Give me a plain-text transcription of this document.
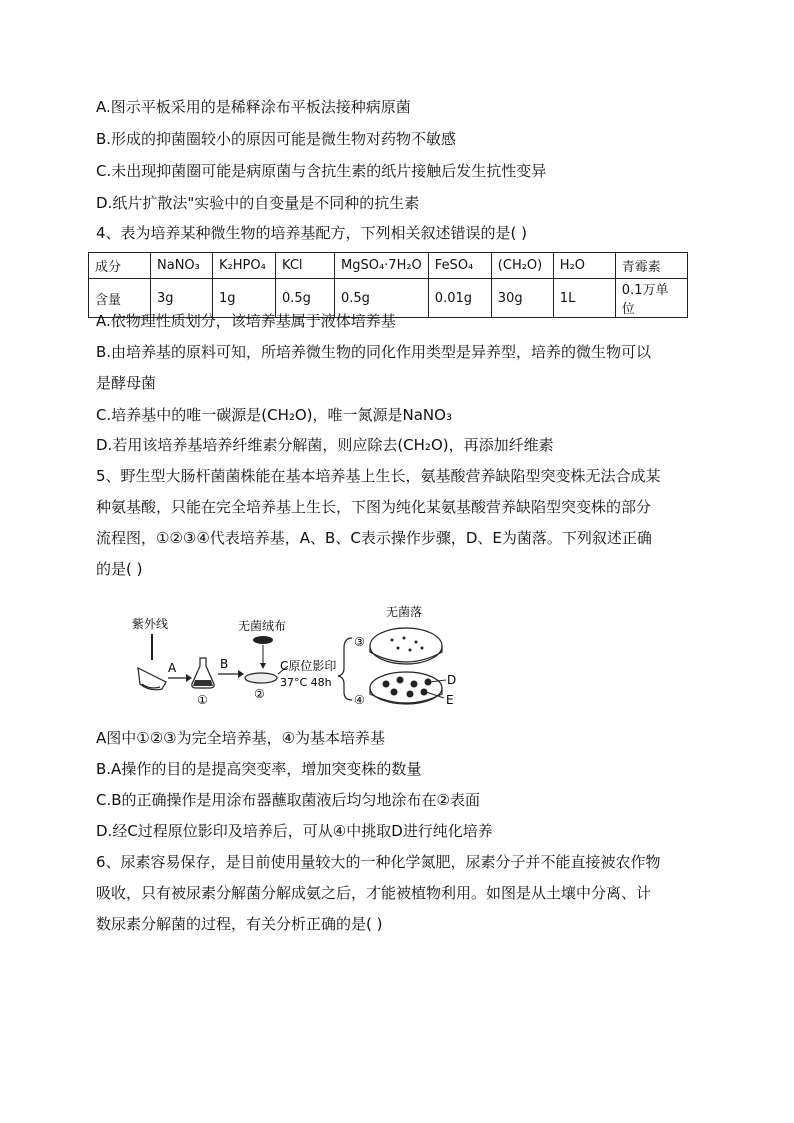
A.图示平板采用的是稀释涂布平板法接种病原菌
B.形成的抑菌圈较小的原因可能是微生物对药物不敏感
C.未出现抑菌圈可能是病原菌与含抗生素的纸片接触后发生抗性变异
D.纸片扩散法"实验中的自变量是不同种的抗生素
4、表为培养某种微生物的培养基配方，下列相关叙述错误的是( )
成分	NaNO₃	K₂HPO₄	KCl	MgSO₄·7H₂O	FeSO₄	(CH₂O)	H₂O	青霉素
含量	3g	1g	0.5g	0.5g	0.01g	30g	1L	0.1万单位
A.依物理性质划分，该培养基属于液体培养基
B.由培养基的原料可知，所培养微生物的同化作用类型是异养型，培养的微生物可以
是酵母菌
C.培养基中的唯一碳源是(CH₂O)，唯一氮源是NaNO₃
D.若用该培养基培养纤维素分解菌，则应除去(CH₂O)，再添加纤维素
5、野生型大肠杆菌菌株能在基本培养基上生长，氨基酸营养缺陷型突变株无法合成某
种氨基酸，只能在完全培养基上生长，下图为纯化某氨基酸营养缺陷型突变株的部分
流程图，①②③④代表培养基，A、B、C表示操作步骤，D、E为菌落。下列叙述正确
的是( )
紫外线
A
①
B
无菌绒布
②
C原位影印
37°C 48h
③
无菌落
④
D
E
A图中①②③为完全培养基，④为基本培养基
B.A操作的目的是提高突变率，增加突变株的数量
C.B的正确操作是用涂布器蘸取菌液后均匀地涂布在②表面
D.经C过程原位影印及培养后，可从④中挑取D进行纯化培养
6、尿素容易保存，是目前使用量较大的一种化学氮肥，尿素分子并不能直接被农作物
吸收，只有被尿素分解菌分解成氨之后，才能被植物利用。如图是从土壤中分离、计
数尿素分解菌的过程，有关分析正确的是( )
